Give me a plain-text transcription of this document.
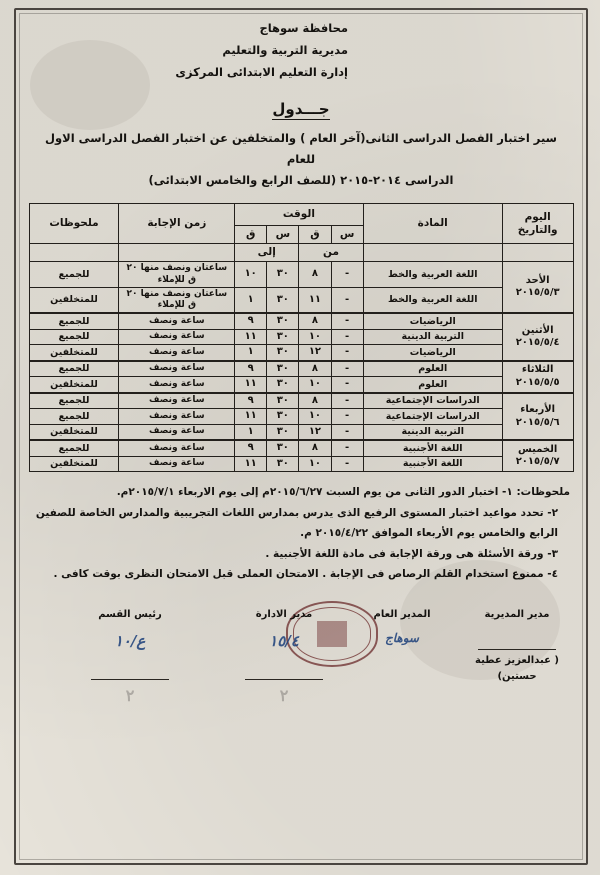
محافظة سوهاج
مديرية التربية والتعليم
إدارة التعليم الابتدائى المركزى
جـــدول
سير اختبار الفصل الدراسى الثانى(آخر العام ) والمتخلفين عن اختبار الفصل الدراسى الاول للعام
الدراسى ٢٠١٤-٢٠١٥ (للصف الرابع والخامس الابتدائى)
اليوم والتاريخ	المادة	الوقت				زمن الإجابة	ملحوظات
		س	ق	س	ق		
		من		إلى			
الأحد
٢٠١٥/٥/٣	اللغة العربية والخط	-	٨	٣٠	١٠	ساعتان ونصف منها ٢٠ ق للإملاء	للجميع
	اللغة العربية والخط	-	١١	٣٠	١	ساعتان ونصف منها ٢٠ ق للإملاء	للمتخلفين
الأثنين
٢٠١٥/٥/٤	الرياضيات	-	٨	٣٠	٩	ساعة ونصف	للجميع
	التربية الدينية	-	١٠	٣٠	١١	ساعة ونصف	للجميع
	الرياضيات	-	١٢	٣٠	١	ساعة ونصف	للمتخلفين
الثلاثاء
٢٠١٥/٥/٥	العلوم	-	٨	٣٠	٩	ساعة ونصف	للجميع
	العلوم	-	١٠	٣٠	١١	ساعة ونصف	للمتخلفين
الأربعاء
٢٠١٥/٥/٦	الدراسات الإجتماعية	-	٨	٣٠	٩	ساعة ونصف	للجميع
	الدراسات الإجتماعية	-	١٠	٣٠	١١	ساعة ونصف	للجميع
	التربية الدينية	-	١٢	٣٠	١	ساعة ونصف	للمتخلفين
الخميس
٢٠١٥/٥/٧	اللغة الأجنبية	-	٨	٣٠	٩	ساعة ونصف	للجميع
	اللغة الأجنبية	-	١٠	٣٠	١١	ساعة ونصف	للمتخلفين

ملحوظات: ١- اختبار الدور الثانى من يوم السبت ٢٠١٥/٦/٢٧م إلى يوم الاربعاء ٢٠١٥/٧/١م.

٢- تحدد مواعيد اختبار المستوى الرفيع الذى يدرس بمدارس اللغات التجريبية والمدارس الخاصة للصفين

الرابع والخامس يوم الأربعاء الموافق ٢٠١٥/٤/٢٢ م.

٣- ورقة الأسئلة هى ورقة الإجابة فى مادة اللغة الأجنبية .

٤- ممنوع استخدام القلم الرصاص فى الإجابة . الامتحان العملى قبل الامتحان النظرى بوقت كافى .

رئيس القسم
ع/١٠
٢
مدير الادارة
١٥/٤
٢
المدير العام
سوهاج
مدير المديرية
( عبدالعزيز عطية حستين)
